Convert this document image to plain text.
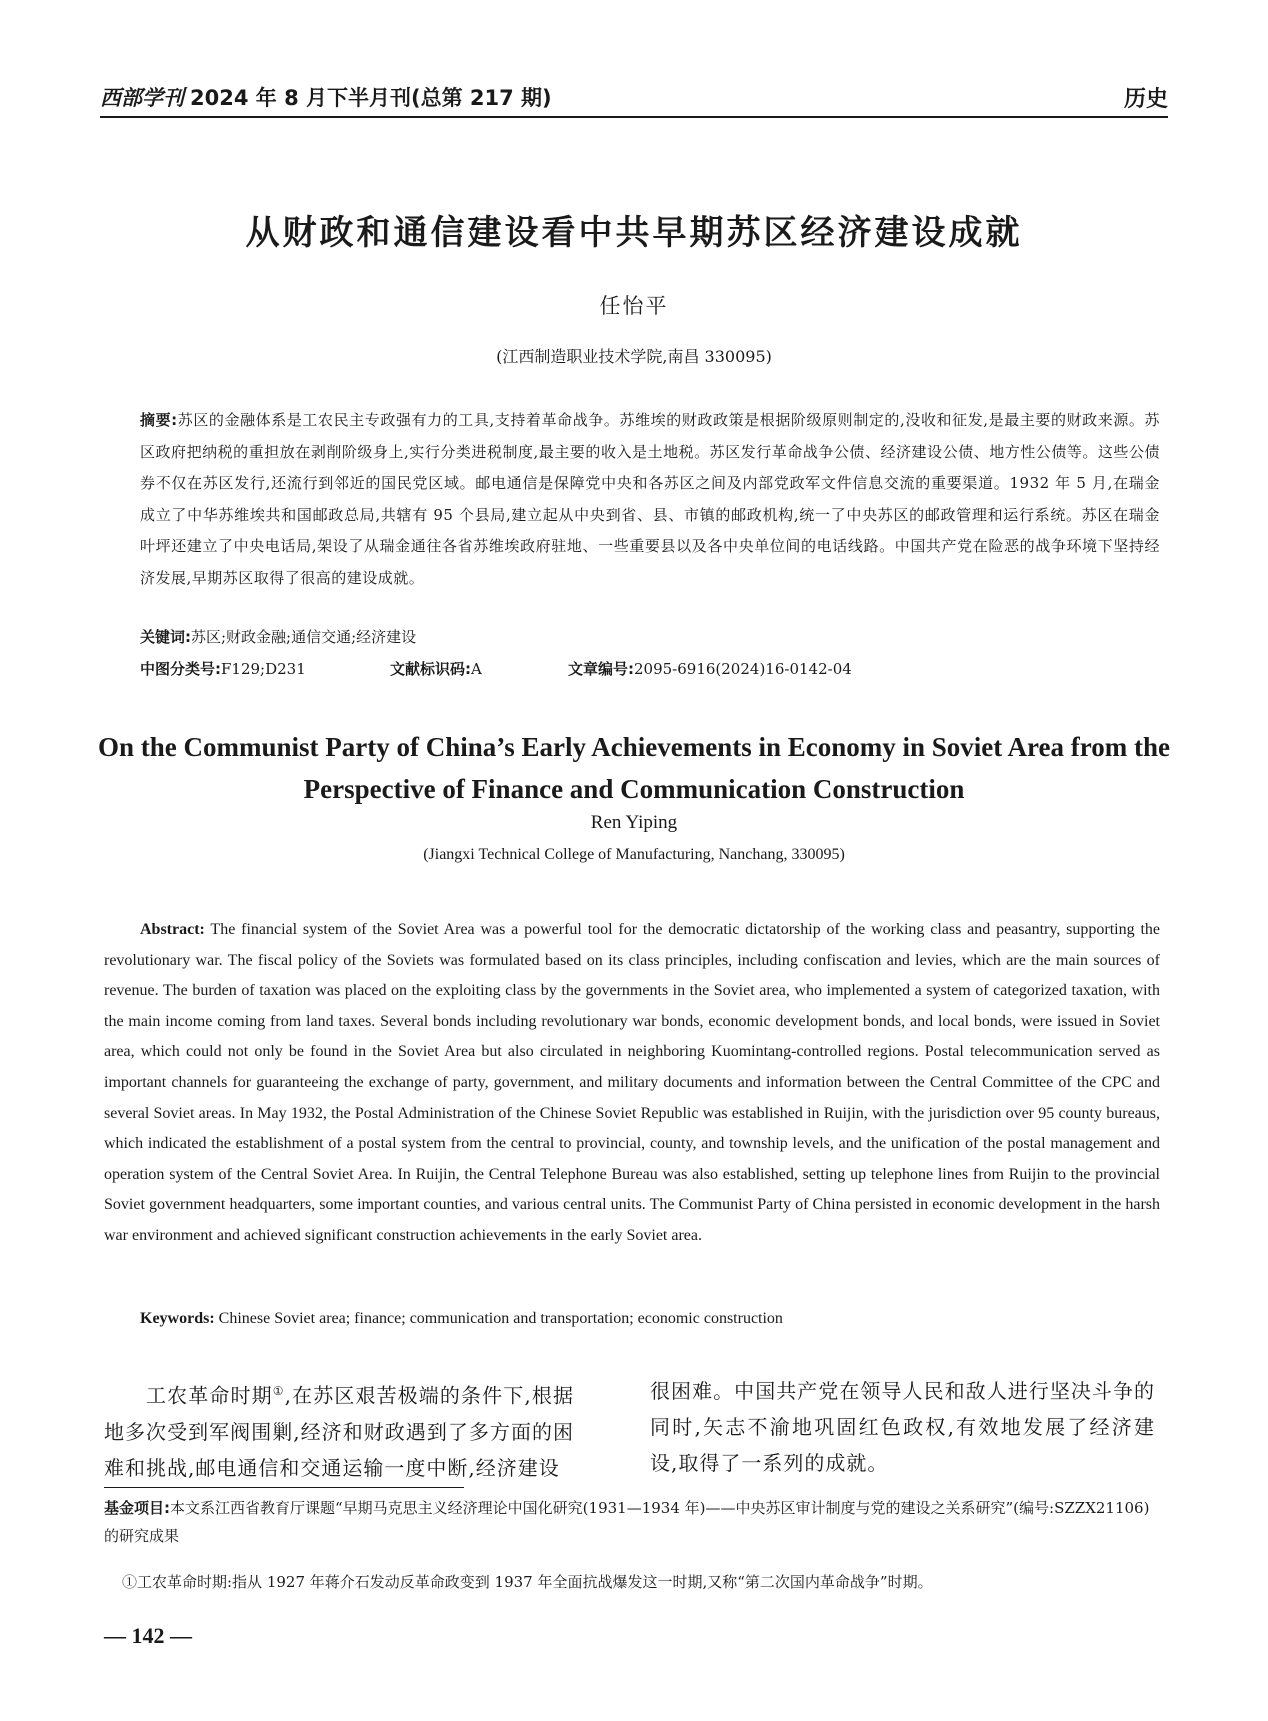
西部学刊 2024 年 8 月下半月刊(总第 217 期)	历史
从财政和通信建设看中共早期苏区经济建设成就
任怡平
(江西制造职业技术学院,南昌 330095)
摘要:苏区的金融体系是工农民主专政强有力的工具,支持着革命战争。苏维埃的财政政策是根据阶级原则制定的,没收和征发,是最主要的财政来源。苏区政府把纳税的重担放在剥削阶级身上,实行分类进税制度,最主要的收入是土地税。苏区发行革命战争公债、经济建设公债、地方性公债等。这些公债券不仅在苏区发行,还流行到邻近的国民党区域。邮电通信是保障党中央和各苏区之间及内部党政军文件信息交流的重要渠道。1932 年 5 月,在瑞金成立了中华苏维埃共和国邮政总局,共辖有 95 个县局,建立起从中央到省、县、市镇的邮政机构,统一了中央苏区的邮政管理和运行系统。苏区在瑞金叶坪还建立了中央电话局,架设了从瑞金通往各省苏维埃政府驻地、一些重要县以及各中央单位间的电话线路。中国共产党在险恶的战争环境下坚持经济发展,早期苏区取得了很高的建设成就。
关键词:苏区;财政金融;通信交通;经济建设
中图分类号:F129;D231	文献标识码:A	文章编号:2095-6916(2024)16-0142-04
On the Communist Party of China’s Early Achievements in Economy in Soviet Area from the Perspective of Finance and Communication Construction
Ren Yiping
(Jiangxi Technical College of Manufacturing, Nanchang, 330095)
Abstract: The financial system of the Soviet Area was a powerful tool for the democratic dictatorship of the working class and peasantry, supporting the revolutionary war. The fiscal policy of the Soviets was formulated based on its class principles, including confiscation and levies, which are the main sources of revenue. The burden of taxation was placed on the exploiting class by the governments in the Soviet area, who implemented a system of categorized taxation, with the main income coming from land taxes. Several bonds including revolutionary war bonds, economic development bonds, and local bonds, were issued in Soviet area, which could not only be found in the Soviet Area but also circulated in neighboring Kuomintang-controlled regions. Postal telecommunication served as important channels for guaranteeing the exchange of party, government, and military documents and information between the Central Committee of the CPC and several Soviet areas. In May 1932, the Postal Administration of the Chinese Soviet Republic was established in Ruijin, with the jurisdiction over 95 county bureaus, which indicated the establishment of a postal system from the central to provincial, county, and township levels, and the unification of the postal management and operation system of the Central Soviet Area. In Ruijin, the Central Telephone Bureau was also established, setting up telephone lines from Ruijin to the provincial Soviet government headquarters, some important counties, and various central units. The Communist Party of China persisted in economic development in the harsh war environment and achieved significant construction achievements in the early Soviet area.
Keywords: Chinese Soviet area; finance; communication and transportation; economic construction
工农革命时期①,在苏区艰苦极端的条件下,根据地多次受到军阀围剿,经济和财政遇到了多方面的困难和挑战,邮电通信和交通运输一度中断,经济建设
很困难。中国共产党在领导人民和敌人进行坚决斗争的同时,矢志不渝地巩固红色政权,有效地发展了经济建设,取得了一系列的成就。
基金项目:本文系江西省教育厅课题“早期马克思主义经济理论中国化研究(1931—1934 年)——中央苏区审计制度与党的建设之关系研究”(编号:SZZX21106)的研究成果
①工农革命时期:指从 1927 年蒋介石发动反革命政变到 1937 年全面抗战爆发这一时期,又称“第二次国内革命战争”时期。
— 142 —
